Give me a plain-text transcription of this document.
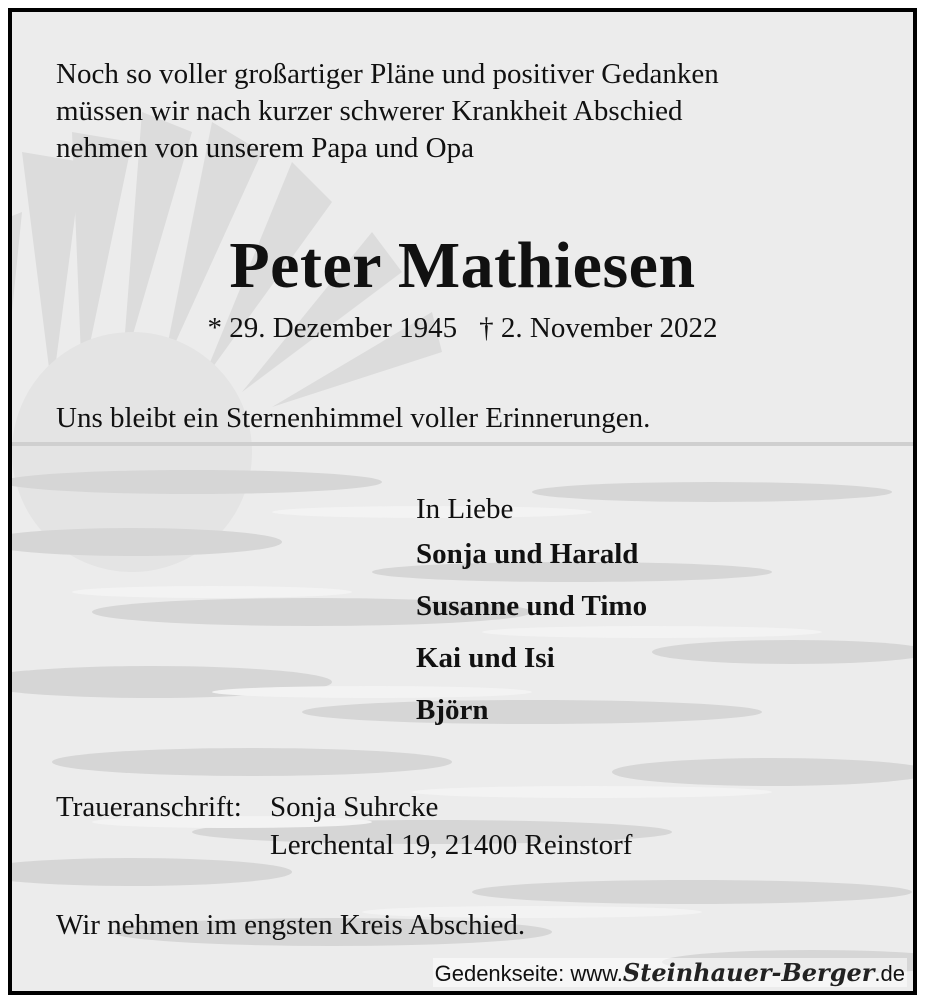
Noch so voller großartiger Pläne und positiver Gedanken
müssen wir nach kurzer schwerer Krankheit Abschied
nehmen von unserem Papa und Opa
Peter Mathiesen

* 29. Dezember 1945 † 2. November 2022

Uns bleibt ein Sternenhimmel voller Erinnerungen.

In Liebe
Sonja und Harald
Susanne und Timo
Kai und Isi
Björn
Traueranschrift: Sonja Suhrcke
Lerchental 19, 21400 Reinstorf

Wir nehmen im engsten Kreis Abschied.

Gedenkseite: www.Steinhauer-Berger.de
